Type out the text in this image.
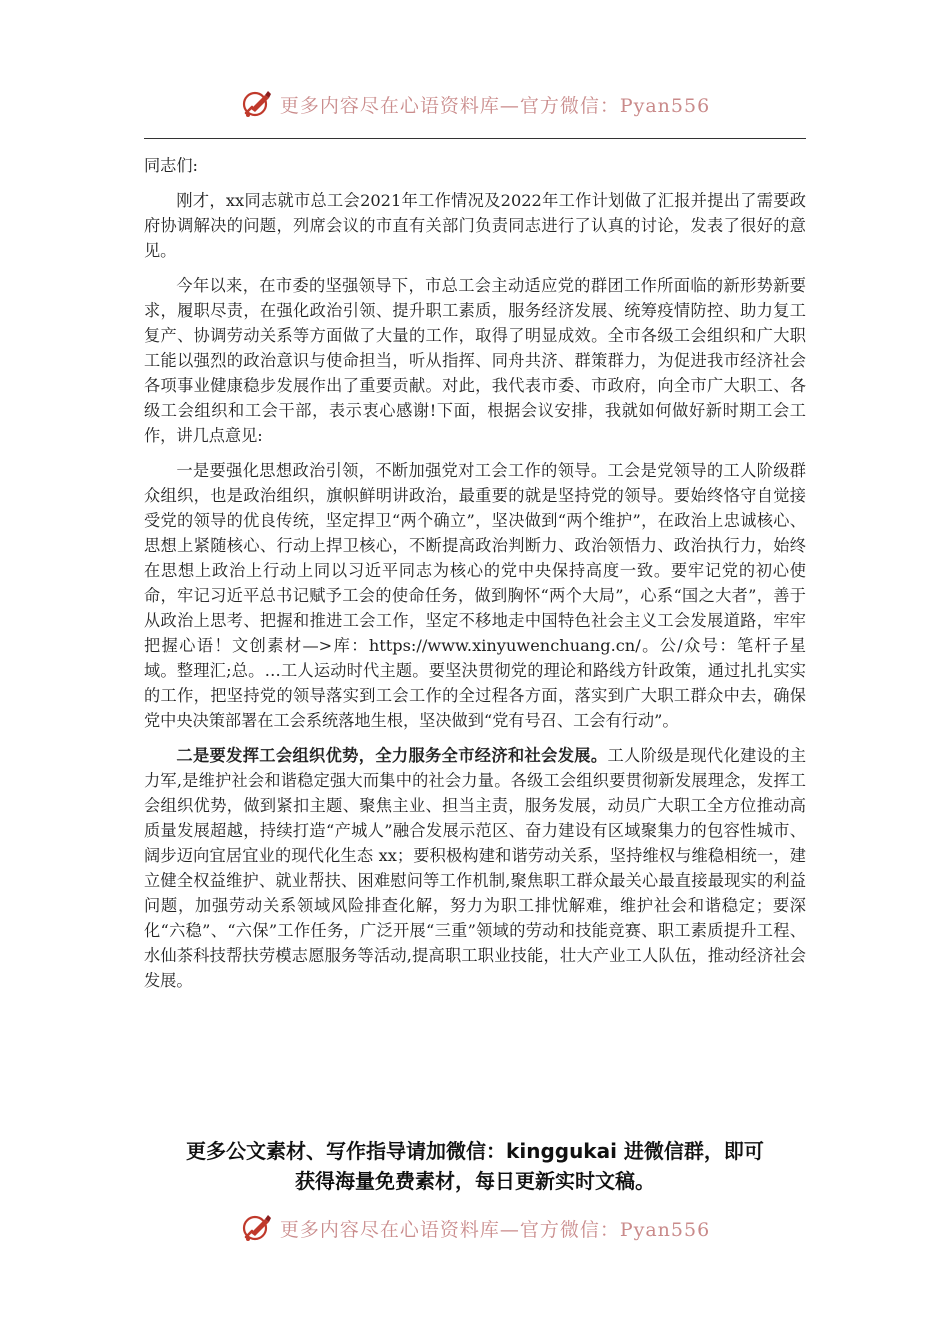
更多内容尽在心语资料库—官方微信：Pyan556

同志们:

刚才，xx同志就市总工会2021年工作情况及2022年工作计划做了汇报并提出了需要政府协调解决的问题，列席会议的市直有关部门负责同志进行了认真的讨论，发表了很好的意见。

今年以来，在市委的坚强领导下，市总工会主动适应党的群团工作所面临的新形势新要求，履职尽责，在强化政治引领、提升职工素质，服务经济发展、统筹疫情防控、助力复工复产、协调劳动关系等方面做了大量的工作，取得了明显成效。全市各级工会组织和广大职工能以强烈的政治意识与使命担当，听从指挥、同舟共济、群策群力，为促进我市经济社会各项事业健康稳步发展作出了重要贡献。对此，我代表市委、市政府，向全市广大职工、各级工会组织和工会干部，表示衷心感谢!下面，根据会议安排，我就如何做好新时期工会工作，讲几点意见:

一是要强化思想政治引领，不断加强党对工会工作的领导。工会是党领导的工人阶级群众组织，也是政治组织，旗帜鲜明讲政治，最重要的就是坚持党的领导。要始终恪守自觉接受党的领导的优良传统，坚定捍卫“两个确立”，坚决做到“两个维护”，在政治上忠诚核心、思想上紧随核心、行动上捍卫核心，不断提高政治判断力、政治领悟力、政治执行力，始终在思想上政治上行动上同以习近平同志为核心的党中央保持高度一致。要牢记党的初心使命，牢记习近平总书记赋予工会的使命任务，做到胸怀“两个大局”，心系“国之大者”，善于从政治上思考、把握和推进工会工作，坚定不移地走中国特色社会主义工会发展道路，牢牢把握心语！文创素材—>库：https://www.xinyuwenchuang.cn/。公/众号：笔杆子星域。整理汇;总。…工人运动时代主题。要坚決贯彻党的理论和路线方针政策，通过扎扎实实的工作，把坚持党的领导落实到工会工作的全过程各方面，落实到广大职工群众中去，确保党中央决策部署在工会系统落地生根，坚决做到“党有号召、工会有行动”。

二是要发挥工会组织优势，全力服务全市经济和社会发展。工人阶级是现代化建设的主力军,是维护社会和谐稳定强大而集中的社会力量。各级工会组织要贯彻新发展理念，发挥工会组织优势，做到紧扣主题、聚焦主业、担当主责，服务发展，动员广大职工全方位推动高质量发展超越，持续打造“产城人”融合发展示范区、奋力建设有区域聚集力的包容性城市、阔步迈向宜居宜业的现代化生态 xx；要积极构建和谐劳动关系，坚持维权与维稳相统一，建立健全权益维护、就业帮扶、困难慰问等工作机制,聚焦职工群众最关心最直接最现实的利益问题，加强劳动关系领域风险排查化解，努力为职工排忧解难，维护社会和谐稳定；要深化“六稳”、“六保”工作任务，广泛开展“三重”领域的劳动和技能竞赛、职工素质提升工程、水仙茶科技帮扶劳模志愿服务等活动,提高职工职业技能，壮大产业工人队伍，推动经济社会发展。

更多公文素材、写作指导请加微信：kinggukai 进微信群，即可
获得海量免费素材，每日更新实时文稿。
更多内容尽在心语资料库—官方微信：Pyan556
